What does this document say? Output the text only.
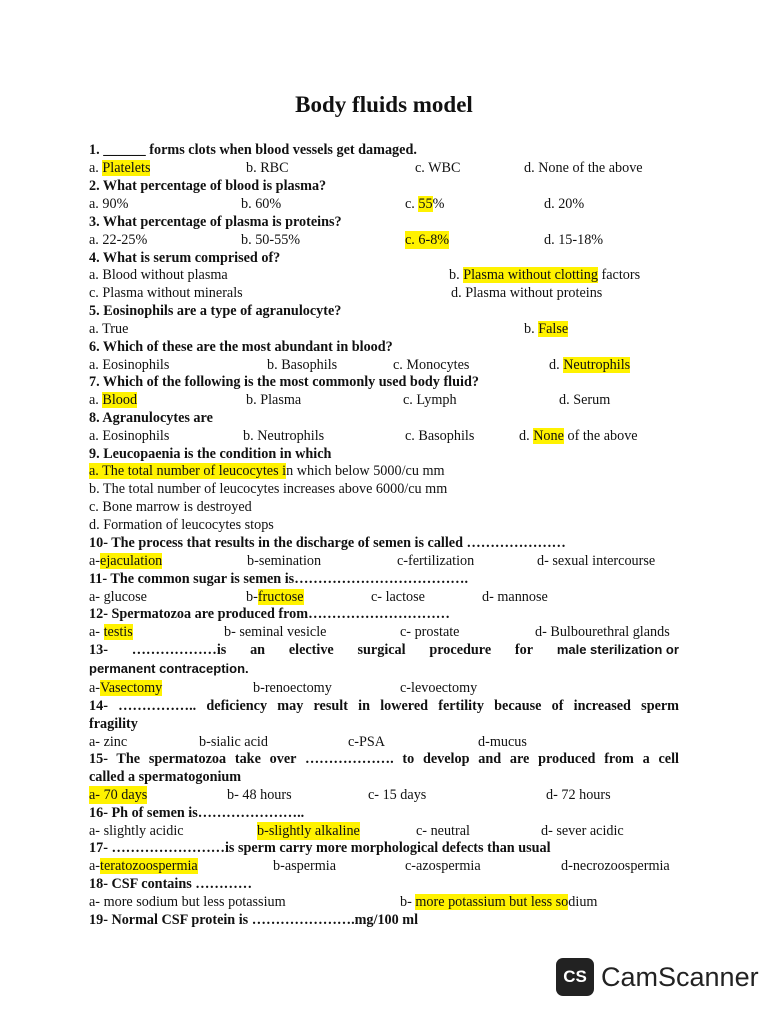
Body fluids model
1. ______ forms clots when blood vessels get damaged.
a. Platelets	b. RBC	c. WBC	d. None of the above
2. What percentage of blood is plasma?
a. 90%	b. 60%	c. 55%	d. 20%
3. What percentage of plasma is proteins?
a. 22-25%	b. 50-55%	c. 6-8%	d. 15-18%
4. What is serum comprised of?
a. Blood without plasma	b. Plasma without clotting factors
c. Plasma without minerals	d. Plasma without proteins
5. Eosinophils are a type of agranulocyte?
a. True	b. False
6. Which of these are the most abundant in blood?
a. Eosinophils	b. Basophils	c. Monocytes	d. Neutrophils
7. Which of the following is the most commonly used body fluid?
a. Blood	b. Plasma	c. Lymph	d. Serum
8. Agranulocytes are
a. Eosinophils	b. Neutrophils	c. Basophils	d. None of the above
9. Leucopaenia is the condition in which
a. The total number of leucocytes in which below 5000/cu mm
b. The total number of leucocytes increases above 6000/cu mm
c. Bone marrow is destroyed
d. Formation of leucocytes stops
10- The process that results in the discharge of semen is called …………………
a-ejaculation	b-semination	c-fertilization	d- sexual intercourse
11- The common sugar is semen is……………………………….
a- glucose	b-fructose	c- lactose	d- mannose
12- Spermatozoa are produced from…………………………
a- testis	b- seminal vesicle	c- prostate	d- Bulbourethral glands
13- ………………is an elective surgical procedure for male sterilization or
permanent contraception.
a-Vasectomy	b-renoectomy	c-levoectomy
14- …………….. deficiency may result in lowered fertility because of increased sperm
fragility
a- zinc	b-sialic acid	c-PSA	d-mucus
15- The spermatozoa take over ………………. to develop and are produced from a cell
called a spermatogonium
a- 70 days	b- 48 hours	c- 15 days	d- 72 hours
16- Ph of semen is…………………..
a- slightly acidic	b-slightly alkaline	c- neutral	d- sever acidic
17- ……………………is sperm carry more morphological defects than usual
a-teratozoospermia	b-aspermia	c-azospermia	d-necrozoospermia
18- CSF contains …………
a- more sodium but less potassium	b- more potassium but less sodium
19- Normal CSF protein is ………………….mg/100 ml
CS CamScanner
